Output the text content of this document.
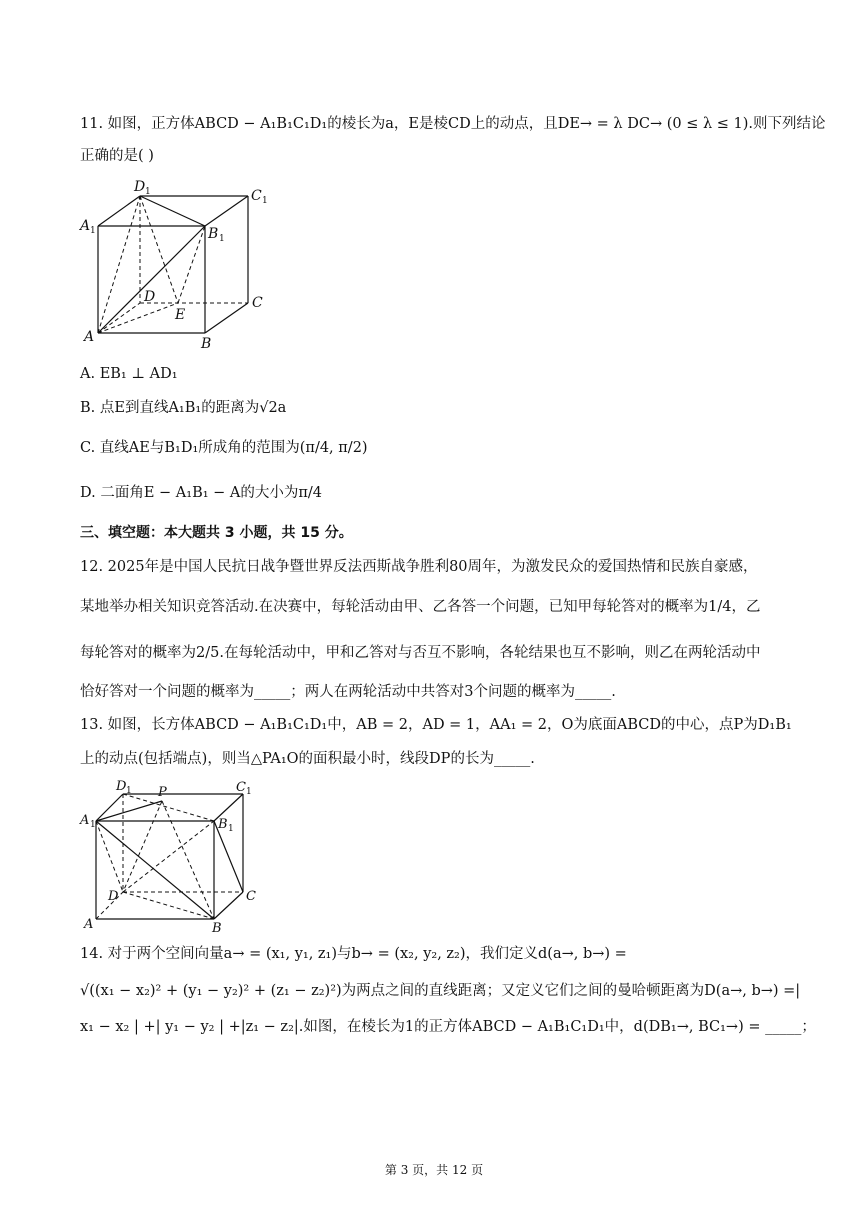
11. 如图，正方体ABCD − A₁B₁C₁D₁的棱长为a，E是棱CD上的动点，且DE→ = λ DC→ (0 ≤ λ ≤ 1).则下列结论
正确的是( )
D 1	C 1
A 1	B 1
D
E
C
A	B
A. EB₁ ⊥ AD₁
B. 点E到直线A₁B₁的距离为√2a
C. 直线AE与B₁D₁所成角的范围为(π/4, π/2)
D. 二面角E − A₁B₁ − A的大小为π/4
三、填空题：本大题共 3 小题，共 15 分。
12. 2025年是中国人民抗日战争暨世界反法西斯战争胜利80周年，为激发民众的爱国热情和民族自豪感，
某地举办相关知识竞答活动.在决赛中，每轮活动由甲、乙各答一个问题，已知甲每轮答对的概率为1/4，乙
每轮答对的概率为2/5.在每轮活动中，甲和乙答对与否互不影响，各轮结果也互不影响，则乙在两轮活动中
恰好答对一个问题的概率为_____；两人在两轮活动中共答对3个问题的概率为_____.
13. 如图，长方体ABCD − A₁B₁C₁D₁中，AB = 2，AD = 1，AA₁ = 2，O为底面ABCD的中心，点P为D₁B₁
上的动点(包括端点)，则当△PA₁O的面积最小时，线段DP的长为_____.
D 1 P	C 1
A 1	B 1
D	C
A	B
14. 对于两个空间向量a→ = (x₁, y₁, z₁)与b→ = (x₂, y₂, z₂)，我们定义d(a→, b→) =
√((x₁ − x₂)² + (y₁ − y₂)² + (z₁ − z₂)²)为两点之间的直线距离；又定义它们之间的曼哈顿距离为D(a→, b→) =|
x₁ − x₂ | +| y₁ − y₂ | +|z₁ − z₂|.如图，在棱长为1的正方体ABCD − A₁B₁C₁D₁中，d(DB₁→, BC₁→) = _____；
第 3 页，共 12 页
